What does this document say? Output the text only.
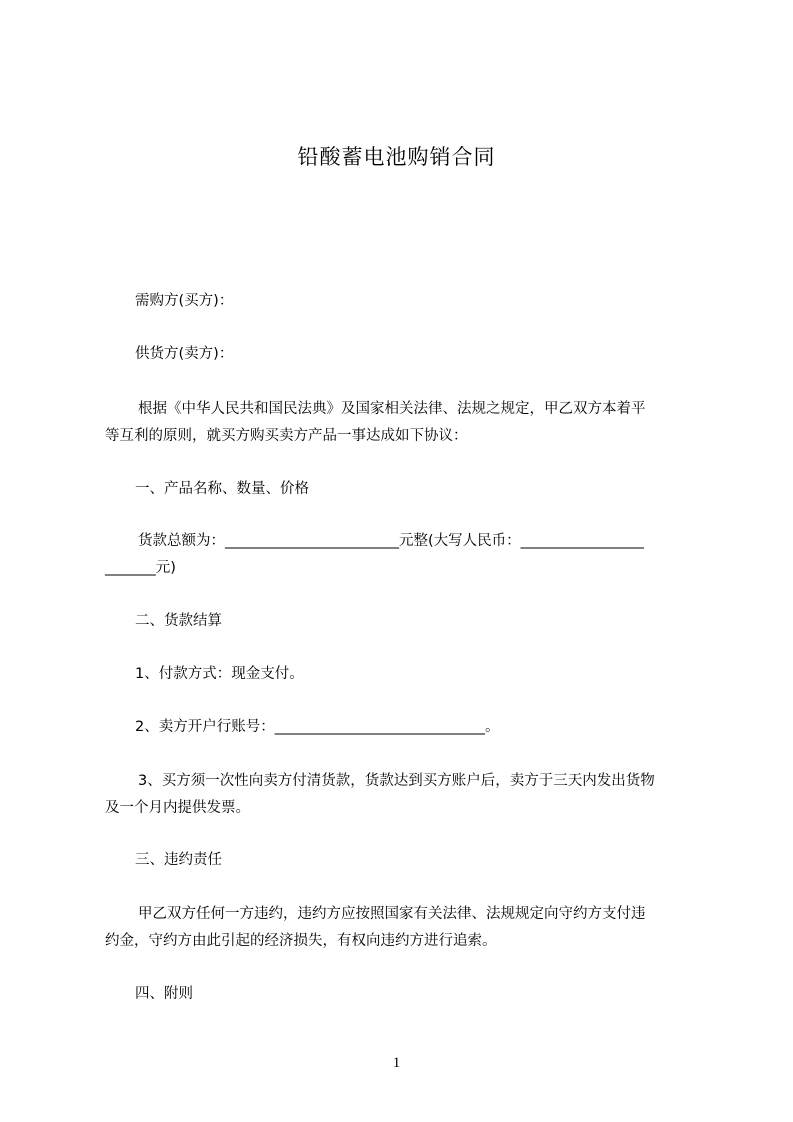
铅酸蓄电池购销合同
需购方(买方)：
供货方(卖方)：
根据《中华人民共和国民法典》及国家相关法律、法规之规定，甲乙双方本着平
等互利的原则，就买方购买卖方产品一事达成如下协议：
一、产品名称、数量、价格
货款总额为：________________________元整(大写人民币：_________________
_______元)
二、货款结算
1、付款方式：现金支付。
2、卖方开户行账号：_____________________________。
3、买方须一次性向卖方付清货款，货款达到买方账户后，卖方于三天内发出货物
及一个月内提供发票。
三、违约责任
甲乙双方任何一方违约，违约方应按照国家有关法律、法规规定向守约方支付违
约金，守约方由此引起的经济损失，有权向违约方进行追索。
四、附则
1
